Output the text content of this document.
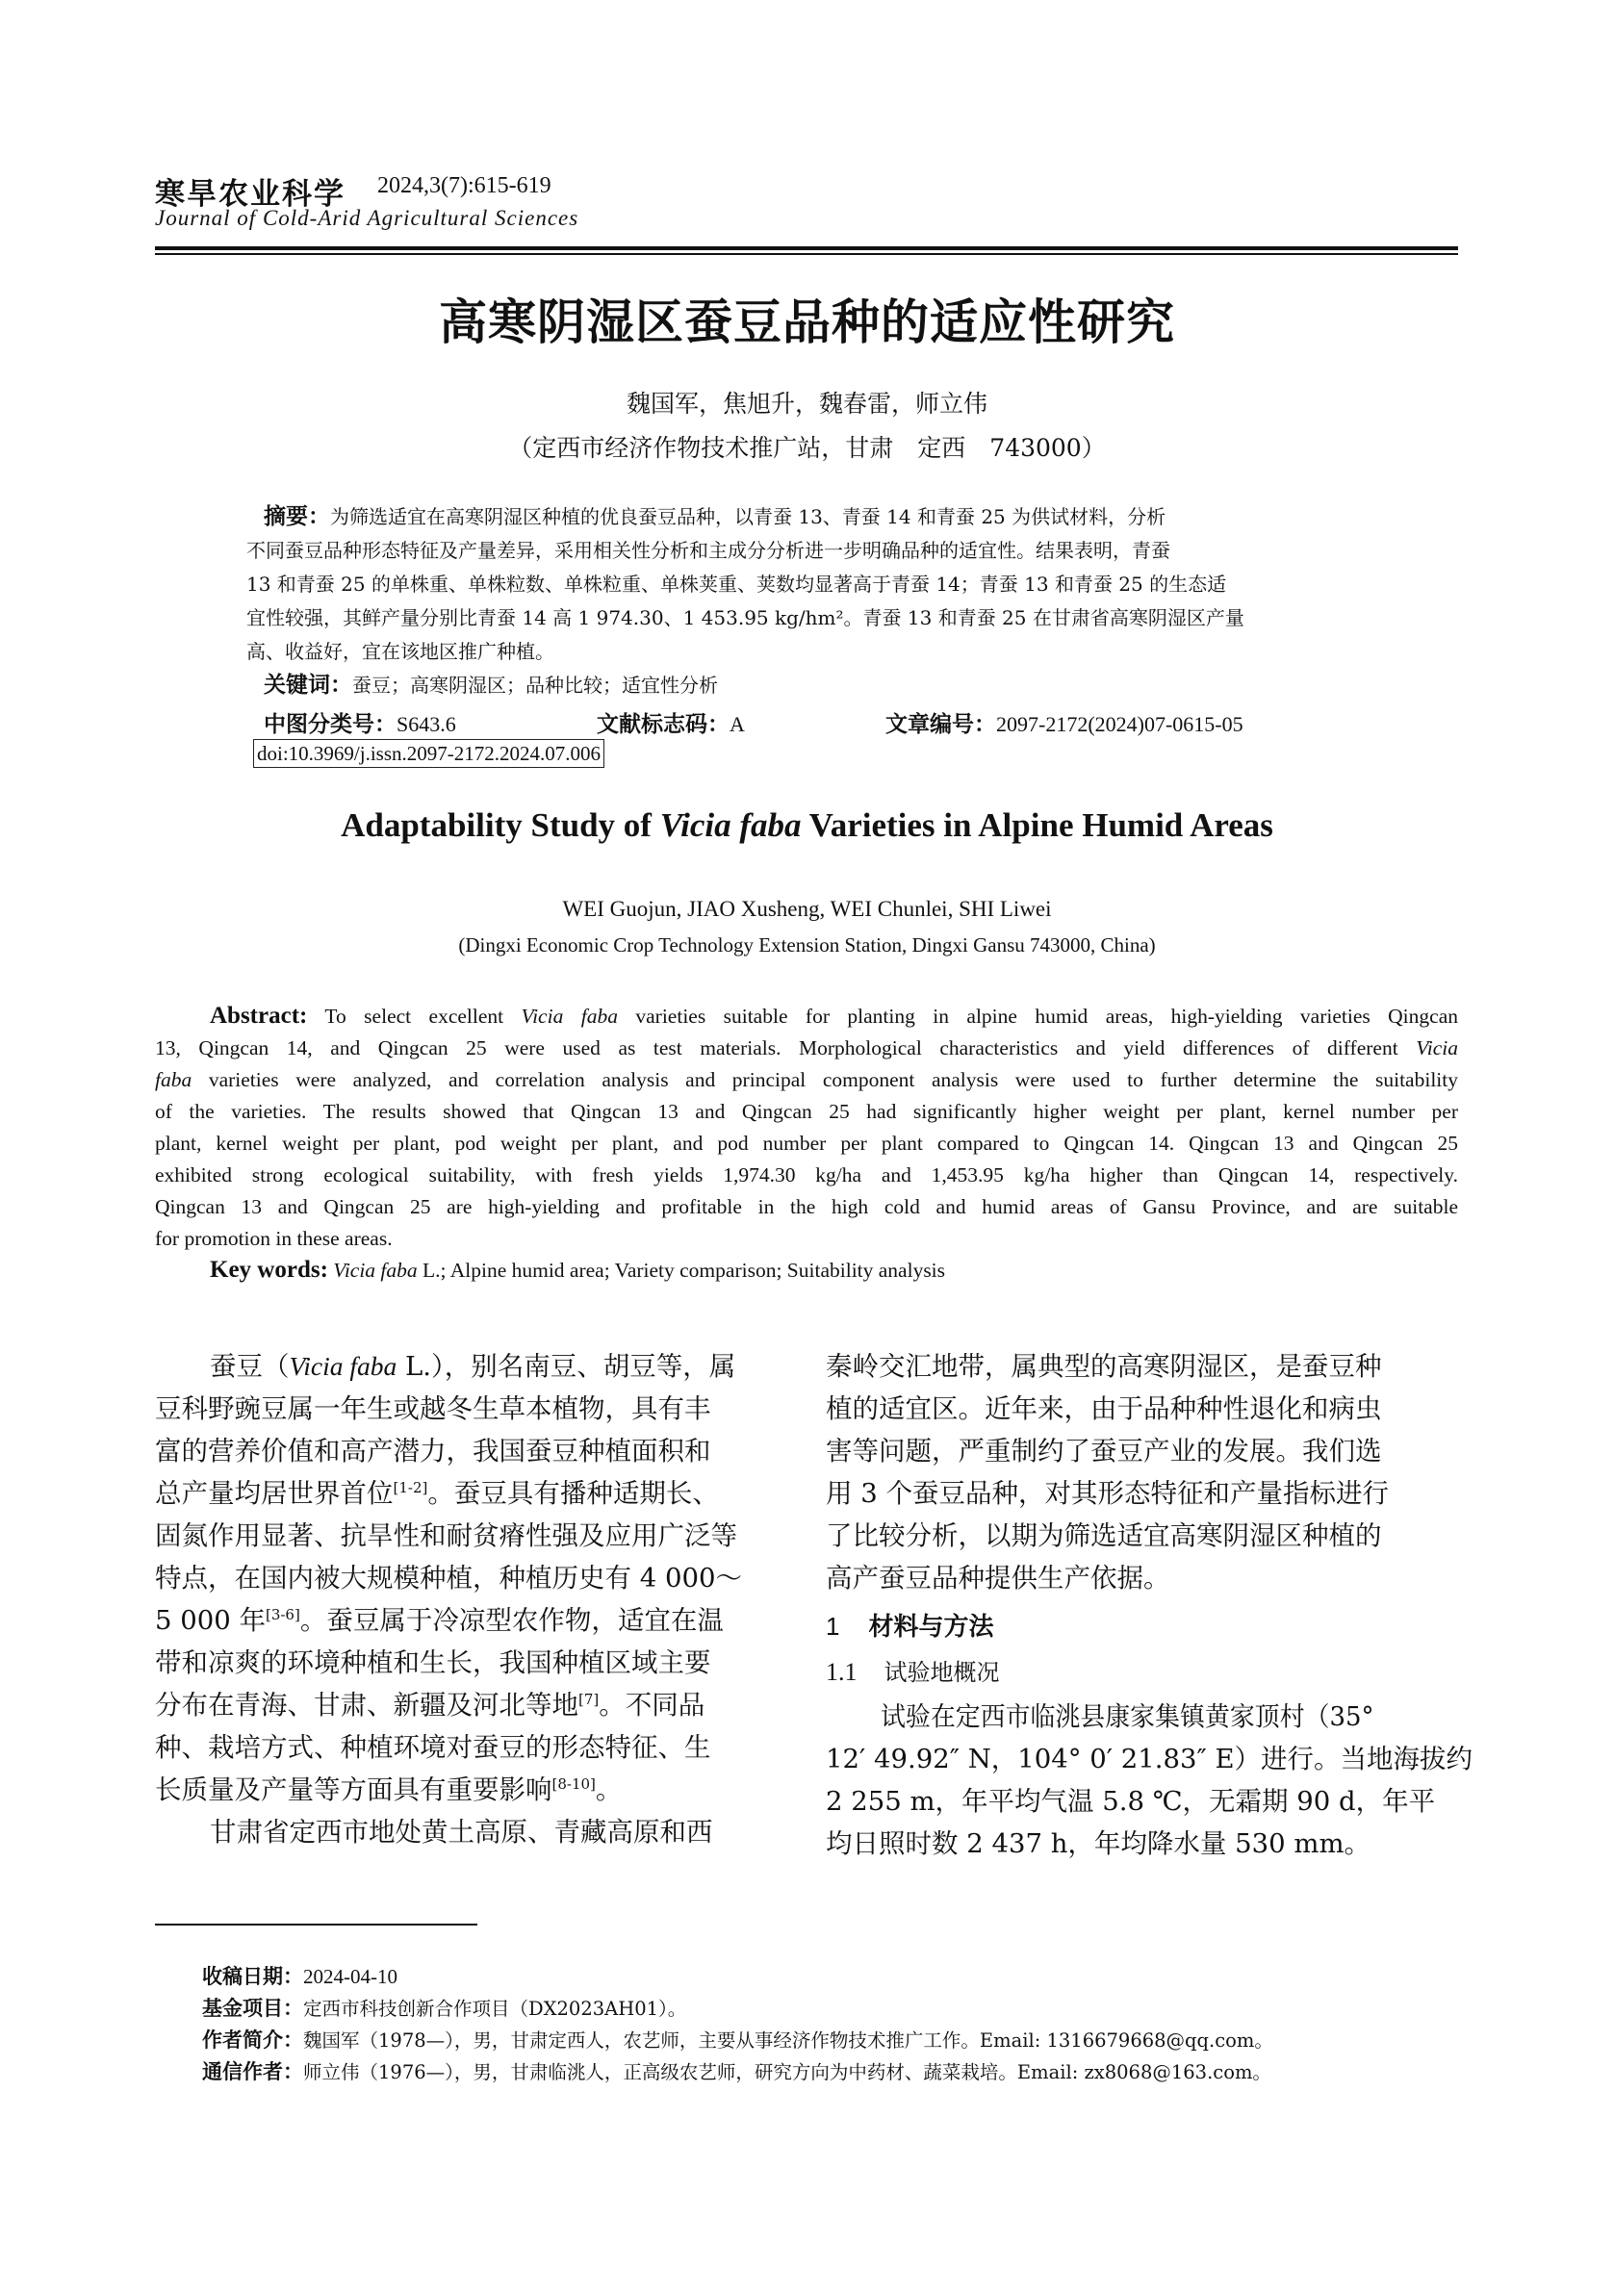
寒旱农业科学 2024,3(7):615-619
Journal of Cold-Arid Agricultural Sciences
高寒阴湿区蚕豆品种的适应性研究
魏国军，焦旭升，魏春雷，师立伟
（定西市经济作物技术推广站，甘肃　定西　743000）
摘要：为筛选适宜在高寒阴湿区种植的优良蚕豆品种，以青蚕 13、青蚕 14 和青蚕 25 为供试材料，分析
不同蚕豆品种形态特征及产量差异，采用相关性分析和主成分分析进一步明确品种的适宜性。结果表明，青蚕
13 和青蚕 25 的单株重、单株粒数、单株粒重、单株荚重、荚数均显著高于青蚕 14；青蚕 13 和青蚕 25 的生态适
宜性较强，其鲜产量分别比青蚕 14 高 1 974.30、1 453.95 kg/hm²。青蚕 13 和青蚕 25 在甘肃省高寒阴湿区产量
高、收益好，宜在该地区推广种植。
关键词：蚕豆；高寒阴湿区；品种比较；适宜性分析
中图分类号：S643.6	文献标志码：A	文章编号：2097-2172(2024)07-0615-05
doi:10.3969/j.issn.2097-2172.2024.07.006
Adaptability Study of Vicia faba Varieties in Alpine Humid Areas
WEI Guojun, JIAO Xusheng, WEI Chunlei, SHI Liwei
(Dingxi Economic Crop Technology Extension Station, Dingxi Gansu 743000, China)
Abstract: To select excellent Vicia faba varieties suitable for planting in alpine humid areas, high-yielding varieties Qingcan
13, Qingcan 14, and Qingcan 25 were used as test materials. Morphological characteristics and yield differences of different Vicia
faba varieties were analyzed, and correlation analysis and principal component analysis were used to further determine the suitability
of the varieties. The results showed that Qingcan 13 and Qingcan 25 had significantly higher weight per plant, kernel number per
plant, kernel weight per plant, pod weight per plant, and pod number per plant compared to Qingcan 14. Qingcan 13 and Qingcan 25
exhibited strong ecological suitability, with fresh yields 1,974.30 kg/ha and 1,453.95 kg/ha higher than Qingcan 14, respectively.
Qingcan 13 and Qingcan 25 are high-yielding and profitable in the high cold and humid areas of Gansu Province, and are suitable
for promotion in these areas.
Key words: Vicia faba L.; Alpine humid area; Variety comparison; Suitability analysis
蚕豆（Vicia faba L.），别名南豆、胡豆等，属
豆科野豌豆属一年生或越冬生草本植物，具有丰
富的营养价值和高产潜力，我国蚕豆种植面积和
总产量均居世界首位[1-2]。蚕豆具有播种适期长、
固氮作用显著、抗旱性和耐贫瘠性强及应用广泛等
特点，在国内被大规模种植，种植历史有 4 000～
5 000 年[3-6]。蚕豆属于冷凉型农作物，适宜在温
带和凉爽的环境种植和生长，我国种植区域主要
分布在青海、甘肃、新疆及河北等地[7]。不同品
种、栽培方式、种植环境对蚕豆的形态特征、生
长质量及产量等方面具有重要影响[8-10]。
甘肃省定西市地处黄土高原、青藏高原和西
秦岭交汇地带，属典型的高寒阴湿区，是蚕豆种
植的适宜区。近年来，由于品种种性退化和病虫
害等问题，严重制约了蚕豆产业的发展。我们选
用 3 个蚕豆品种，对其形态特征和产量指标进行
了比较分析，以期为筛选适宜高寒阴湿区种植的
高产蚕豆品种提供生产依据。
1 材料与方法
1.1 试验地概况
试验在定西市临洮县康家集镇黄家顶村（35°
12′ 49.92″ N，104° 0′ 21.83″ E）进行。当地海拔约
2 255 m，年平均气温 5.8 ℃，无霜期 90 d，年平
均日照时数 2 437 h，年均降水量 530 mm。
收稿日期：2024-04-10
基金项目：定西市科技创新合作项目（DX2023AH01）。
作者简介：魏国军（1978—），男，甘肃定西人，农艺师，主要从事经济作物技术推广工作。Email: 1316679668@qq.com。
通信作者：师立伟（1976—），男，甘肃临洮人，正高级农艺师，研究方向为中药材、蔬菜栽培。Email: zx8068@163.com。
